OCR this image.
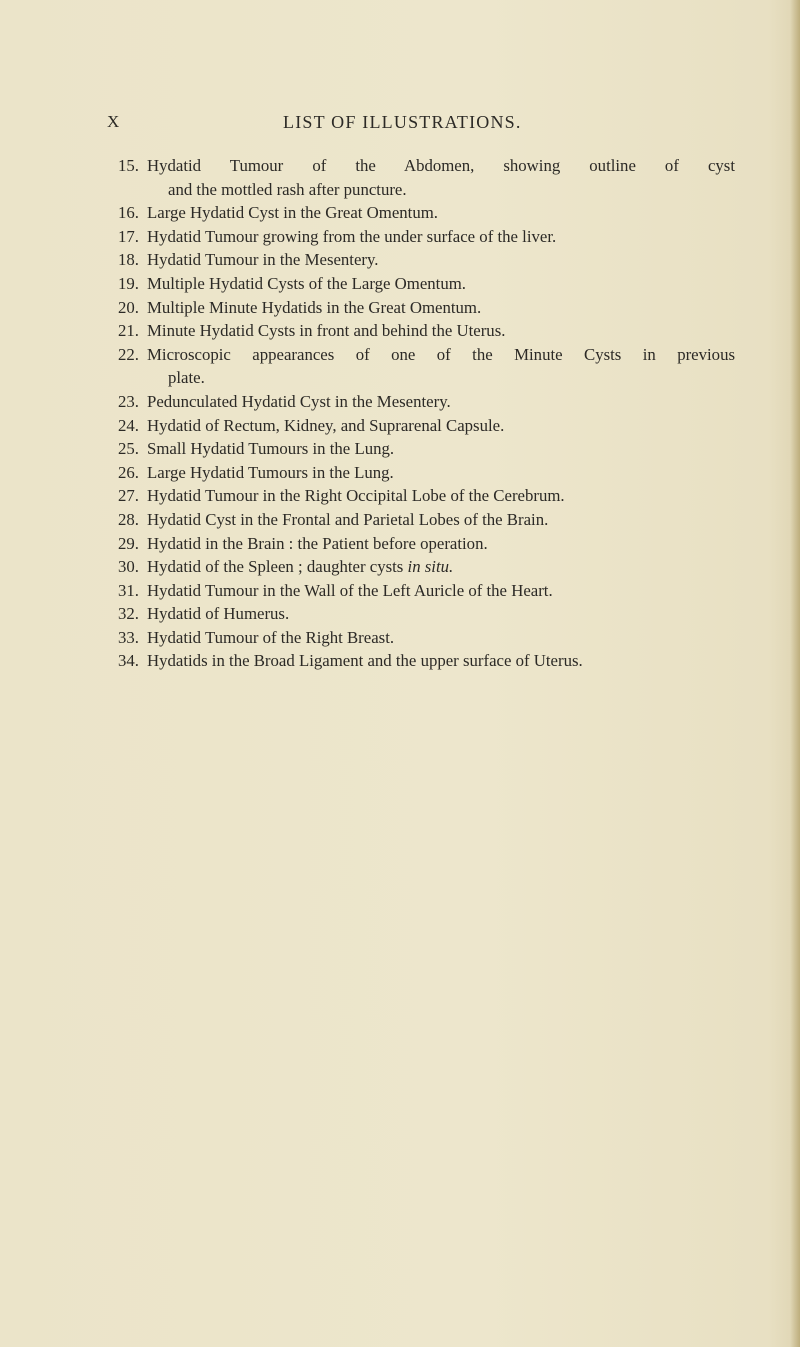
X	LIST OF ILLUSTRATIONS.
15. Hydatid Tumour of the Abdomen, showing outline of cyst
and the mottled rash after puncture.
16. Large Hydatid Cyst in the Great Omentum.
17. Hydatid Tumour growing from the under surface of the liver.
18. Hydatid Tumour in the Mesentery.
19. Multiple Hydatid Cysts of the Large Omentum.
20. Multiple Minute Hydatids in the Great Omentum.
21. Minute Hydatid Cysts in front and behind the Uterus.
22. Microscopic appearances of one of the Minute Cysts in previous
plate.
23. Pedunculated Hydatid Cyst in the Mesentery.
24. Hydatid of Rectum, Kidney, and Suprarenal Capsule.
25. Small Hydatid Tumours in the Lung.
26. Large Hydatid Tumours in the Lung.
27. Hydatid Tumour in the Right Occipital Lobe of the Cerebrum.
28. Hydatid Cyst in the Frontal and Parietal Lobes of the Brain.
29. Hydatid in the Brain : the Patient before operation.
30. Hydatid of the Spleen ; daughter cysts in situ.
31. Hydatid Tumour in the Wall of the Left Auricle of the Heart.
32. Hydatid of Humerus.
33. Hydatid Tumour of the Right Breast.
34. Hydatids in the Broad Ligament and the upper surface of Uterus.
